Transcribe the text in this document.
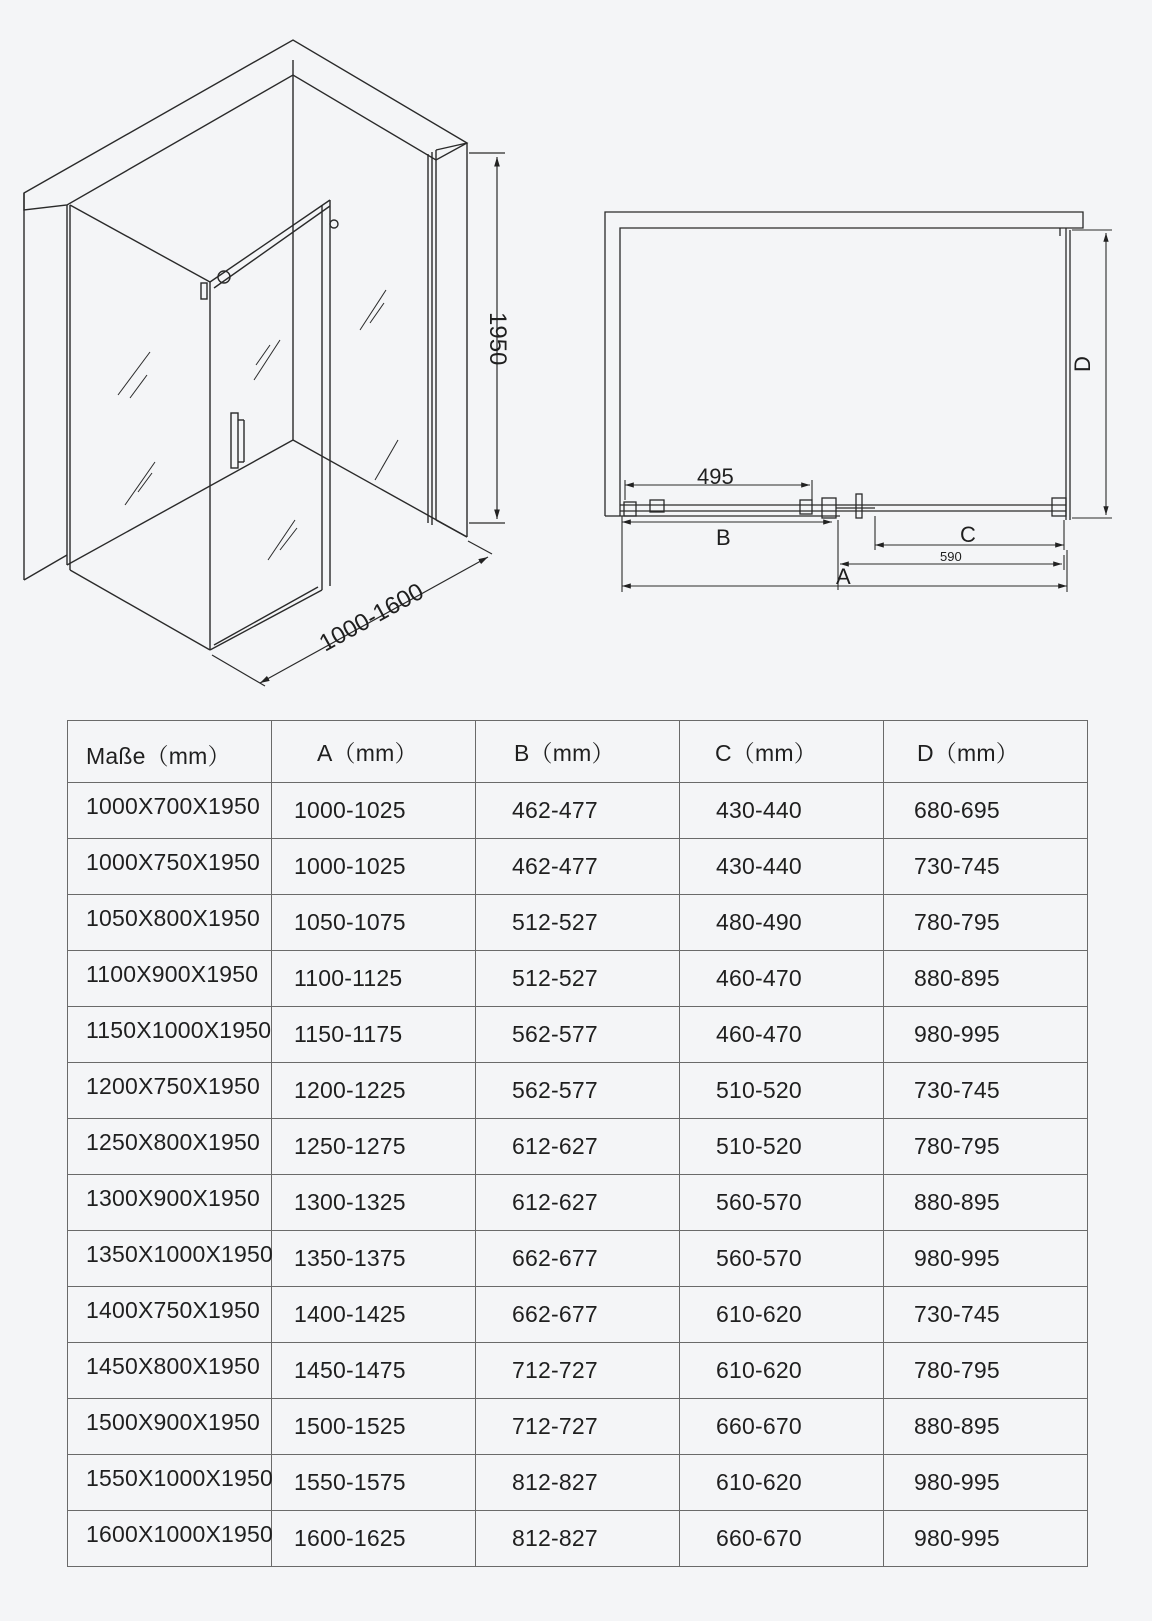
1950
1000-1600
495
B	C
590
A
D
Maße（mm）	A（mm）	B（mm）	C（mm）	D（mm）
1000X700X1950	1000-1025	462-477	430-440	680-695
1000X750X1950	1000-1025	462-477	430-440	730-745
1050X800X1950	1050-1075	512-527	480-490	780-795
1100X900X1950	1100-1125	512-527	460-470	880-895
1150X1000X1950	1150-1175	562-577	460-470	980-995
1200X750X1950	1200-1225	562-577	510-520	730-745
1250X800X1950	1250-1275	612-627	510-520	780-795
1300X900X1950	1300-1325	612-627	560-570	880-895
1350X1000X1950	1350-1375	662-677	560-570	980-995
1400X750X1950	1400-1425	662-677	610-620	730-745
1450X800X1950	1450-1475	712-727	610-620	780-795
1500X900X1950	1500-1525	712-727	660-670	880-895
1550X1000X1950	1550-1575	812-827	610-620	980-995
1600X1000X1950	1600-1625	812-827	660-670	980-995
